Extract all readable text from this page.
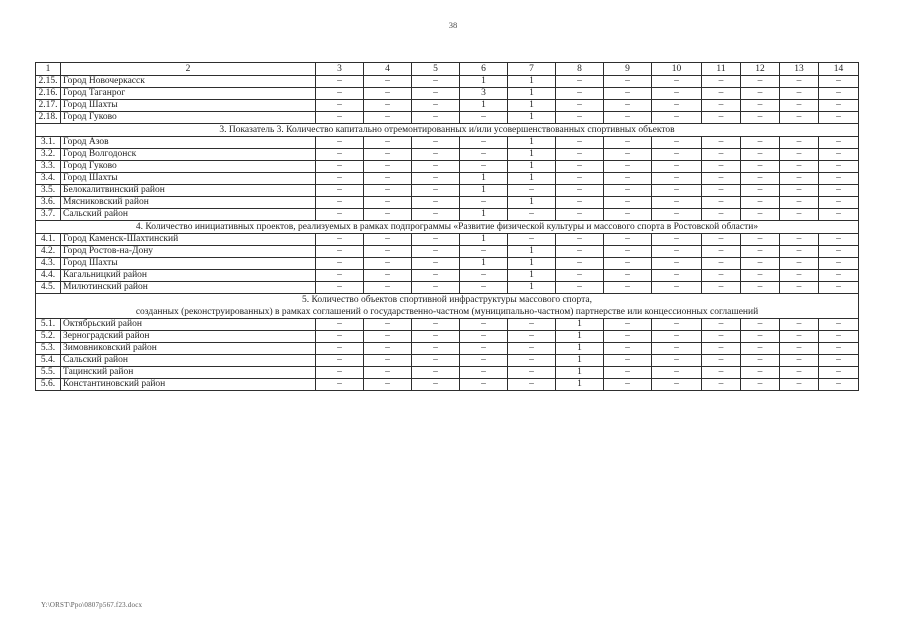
38
1	2	3	4	5	6	7	8	9	10	11	12	13	14
2.15.	Город Новочеркасск	–	–	–	1	1	–	–	–	–	–	–	–
2.16.	Город Таганрог	–	–	–	3	1	–	–	–	–	–	–	–
2.17.	Город Шахты	–	–	–	1	1	–	–	–	–	–	–	–
2.18.	Город Гуково	–	–	–	–	1	–	–	–	–	–	–	–

3. Показатель 3. Количество капитально отремонтированных и/или усовершенствованных спортивных объектов													

3.1.	Город Азов	–	–	–	–	1	–	–	–	–	–	–	–
3.2.	Город Волгодонск	–	–	–	–	1	–	–	–	–	–	–	–
3.3.	Город Гуково	–	–	–	–	1	–	–	–	–	–	–	–
3.4.	Город Шахты	–	–	–	1	1	–	–	–	–	–	–	–
3.5.	Белокалитвинский район	–	–	–	1	–	–	–	–	–	–	–	–
3.6.	Мясниковский район	–	–	–	–	1	–	–	–	–	–	–	–
3.7.	Сальский район	–	–	–	1	–	–	–	–	–	–	–	–

4. Количество инициативных проектов, реализуемых в рамках подпрограммы «Развитие физической культуры и массового спорта в Ростовской области»													

4.1.	Город Каменск-Шахтинский	–	–	–	1	–	–	–	–	–	–	–	–
4.2.	Город Ростов-на-Дону	–	–	–	–	1	–	–	–	–	–	–	–
4.3.	Город Шахты	–	–	–	1	1	–	–	–	–	–	–	–
4.4.	Кагальницкий район	–	–	–	–	1	–	–	–	–	–	–	–
4.5.	Милютинский район	–	–	–	–	1	–	–	–	–	–	–	–

5. Количество объектов спортивной инфраструктуры массового спорта,
созданных (реконструированных) в рамках соглашений о государственно-частном (муниципально-частном) партнерстве или концессионных соглашений													

5.1.	Октябрьский район	–	–	–	–	–	1	–	–	–	–	–	–
5.2.	Зерноградский район	–	–	–	–	–	1	–	–	–	–	–	–
5.3.	Зимовниковский район	–	–	–	–	–	1	–	–	–	–	–	–
5.4.	Сальский район	–	–	–	–	–	1	–	–	–	–	–	–
5.5.	Тацинский район	–	–	–	–	–	1	–	–	–	–	–	–
5.6.	Константиновский район	–	–	–	–	–	1	–	–	–	–	–	–
Y:\ORST\Ppo\0807p567.f23.docx
